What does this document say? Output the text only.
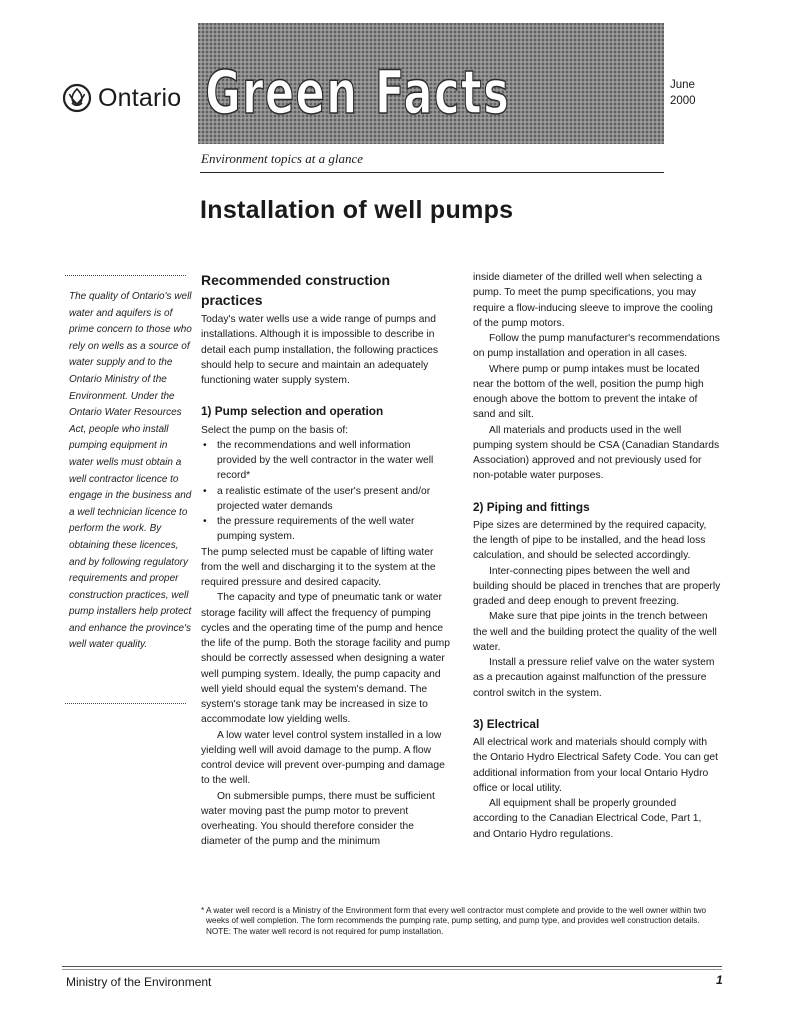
Ontario Green Facts	June
2000
Environment topics at a glance
Installation of well pumps
The quality of Ontario's well water and aquifers is of prime concern to those who rely on wells as a source of water supply and to the Ontario Ministry of the Environment. Under the Ontario Water Resources Act, people who install pumping equipment in water wells must obtain a well contractor licence to engage in the business and a well technician licence to perform the work. By obtaining these licences, and by following regulatory requirements and proper construction practices, well pump installers help protect and enhance the province's well water quality.
Recommended construction practices

Today's water wells use a wide range of pumps and installations. Although it is impossible to describe in detail each pump installation, the following practices should help to secure and maintain an adequately functioning water supply system.

1) Pump selection and operation

Select the pump on the basis of:

• the recommendations and well information provided by the well contractor in the water well record*
• a realistic estimate of the user's present and/or projected water demands
• the pressure requirements of the well water pumping system.

The pump selected must be capable of lifting water from the well and discharging it to the system at the required pressure and desired capacity.

The capacity and type of pneumatic tank or water storage facility will affect the frequency of pumping cycles and the operating time of the pump and hence the life of the pump. Both the storage facility and pump should be correctly assessed when designing a water well pumping system. Ideally, the pump capacity and well yield should equal the system's demand. The system's storage tank may be increased in size to accommodate low yielding wells.

A low water level control system installed in a low yielding well will avoid damage to the pump. A flow control device will prevent over-pumping and damage to the well.

On submersible pumps, there must be sufficient water moving past the pump motor to prevent overheating. You should therefore consider the diameter of the pump and the minimum

inside diameter of the drilled well when selecting a pump. To meet the pump specifications, you may require a flow-inducing sleeve to improve the cooling of the pump motors.

Follow the pump manufacturer's recommendations on pump installation and operation in all cases.

Where pump or pump intakes must be located near the bottom of the well, position the pump high enough above the bottom to prevent the intake of sand and silt.

All materials and products used in the well pumping system should be CSA (Canadian Standards Association) approved and not previously used for non-potable water purposes.

2) Piping and fittings

Pipe sizes are determined by the required capacity, the length of pipe to be installed, and the head loss calculation, and should be selected accordingly.

Inter-connecting pipes between the well and building should be placed in trenches that are properly graded and deep enough to prevent freezing.

Make sure that pipe joints in the trench between the well and the building protect the quality of the well water.

Install a pressure relief valve on the water system as a precaution against malfunction of the pressure control switch in the system.

3) Electrical

All electrical work and materials should comply with the Ontario Hydro Electrical Safety Code. You can get additional information from your local Ontario Hydro office or local utility.

All equipment shall be properly grounded according to the Canadian Electrical Code, Part 1, and Ontario Hydro regulations.

* A water well record is a Ministry of the Environment form that every well contractor must complete and provide to the well owner within two weeks of well completion. The form recommends the pumping rate, pump setting, and pump type, and provides well construction details. NOTE: The water well record is not required for pump installation.
Ministry of the Environment	1
